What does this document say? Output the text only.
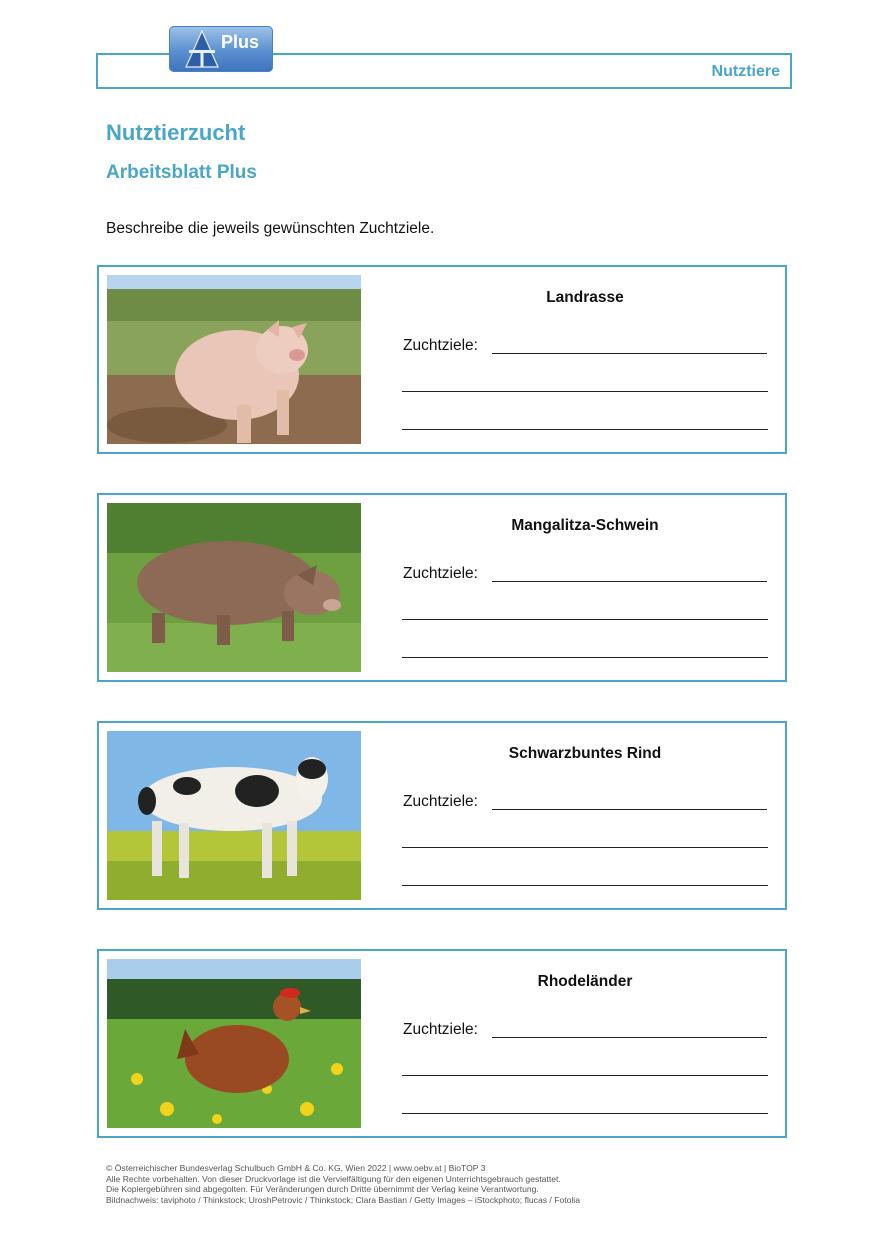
Nutztiere
Plus
Nutztierzucht
Arbeitsblatt Plus
Beschreibe die jeweils gewünschten Zuchtziele.
Landrasse
Zuchtziele:
Mangalitza-Schwein
Zuchtziele:
Schwarzbuntes Rind
Zuchtziele:
Rhodeländer
Zuchtziele:
© Österreichischer Bundesverlag Schulbuch GmbH & Co. KG, Wien 2022 | www.oebv.at | BioTOP 3
Alle Rechte vorbehalten. Von dieser Druckvorlage ist die Vervielfältigung für den eigenen Unterrichtsgebrauch gestattet.
Die Kopiergebühren sind abgegolten. Für Veränderungen durch Dritte übernimmt der Verlag keine Verantwortung.
Bildnachweis: taviphoto / Thinkstock; UroshPetrovic / Thinkstock; Clara Bastian / Getty Images – iStockphoto; flucas / Fotolia
